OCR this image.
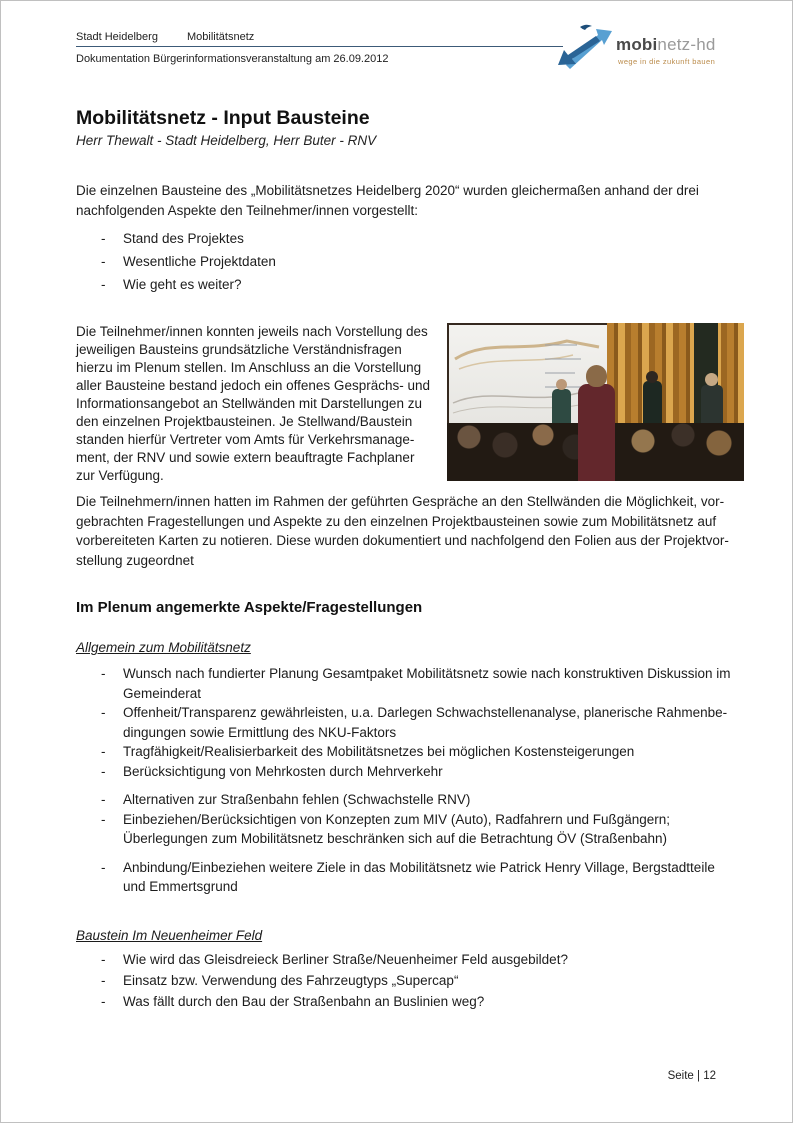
Stadt Heidelberg	Mobilitätsnetz
Dokumentation Bürgerinformationsveranstaltung am 26.09.2012
mobinetz-hd
wege in die zukunft bauen
Mobilitätsnetz - Input Bausteine
Herr Thewalt - Stadt Heidelberg, Herr Buter - RNV
Die einzelnen Bausteine des „Mobilitätsnetzes Heidelberg 2020“ wurden gleichermaßen anhand der drei
nachfolgenden Aspekte den Teilnehmer/innen vorgestellt:
-
Stand des Projektes
-
Wesentliche Projektdaten
-
Wie geht es weiter?
Die Teilnehmer/innen konnten jeweils nach Vorstellung des
jeweiligen Bausteins grundsätzliche Verständnisfragen
hierzu im Plenum stellen. Im Anschluss an die Vorstellung
aller Bausteine bestand jedoch ein offenes Gesprächs- und
Informationsangebot an Stellwänden mit Darstellungen zu
den einzelnen Projektbausteinen. Je Stellwand/Baustein
standen hierfür Vertreter vom Amts für Verkehrsmanage-
ment, der RNV und sowie extern beauftragte Fachplaner
zur Verfügung.
Die Teilnehmern/innen hatten im Rahmen der geführten Gespräche an den Stellwänden die Möglichkeit, vor-
gebrachten Fragestellungen und Aspekte zu den einzelnen Projektbausteinen sowie zum Mobilitätsnetz auf
vorbereiteten Karten zu notieren. Diese wurden dokumentiert und nachfolgend den Folien aus der Projektvor-
stellung zugeordnet
Im Plenum angemerkte Aspekte/Fragestellungen
Allgemein zum Mobilitätsnetz
-
Wunsch nach fundierter Planung Gesamtpaket Mobilitätsnetz sowie nach konstruktiven Diskussion im
Gemeinderat
-
Offenheit/Transparenz gewährleisten, u.a. Darlegen Schwachstellenanalyse, planerische Rahmenbe-
dingungen sowie Ermittlung des NKU-Faktors
-
Tragfähigkeit/Realisierbarkeit des Mobilitätsnetzes bei möglichen Kostensteigerungen
-
Berücksichtigung von Mehrkosten durch Mehrverkehr
-
Alternativen zur Straßenbahn fehlen (Schwachstelle RNV)
-
Einbeziehen/Berücksichtigen von Konzepten zum MIV (Auto), Radfahrern und Fußgängern;
Überlegungen zum Mobilitätsnetz beschränken sich auf die Betrachtung ÖV (Straßenbahn)
-
Anbindung/Einbeziehen weitere Ziele in das Mobilitätsnetz wie Patrick Henry Village, Bergstadtteile
und Emmertsgrund
Baustein Im Neuenheimer Feld
-
Wie wird das Gleisdreieck Berliner Straße/Neuenheimer Feld ausgebildet?
-
Einsatz bzw. Verwendung des Fahrzeugtyps „Supercap“
-
Was fällt durch den Bau der Straßenbahn an Buslinien weg?
Seite | 12
